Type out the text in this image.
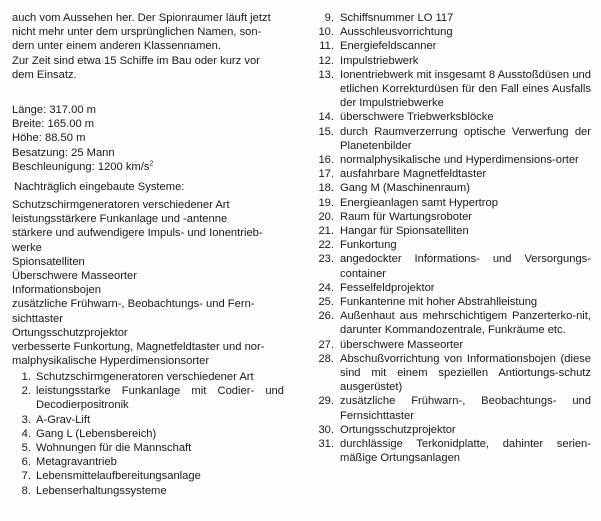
auch vom Aussehen her. Der Spionraumer läuft jetzt
nicht mehr unter dem ursprünglichen Namen, son-
dern unter einem anderen Klassennamen.
Zur Zeit sind etwa 15 Schiffe im Bau oder kurz vor
dem Einsatz.
Länge: 317.00 m
Breite: 165.00 m
Höhe: 88.50 m
Besatzung: 25 Mann
Beschleunigung: 1200 $km/s^2$
Nachträglich eingebaute Systeme:
Schutzschirmgeneratoren verschiedener Art
leistungsstärkere Funkanlage und -antenne
stärkere und aufwendigere Impuls- und Ionentrieb-
werke
Spionsatelliten
Überschwere Masseorter
Informationsbojen
zusätzliche Frühwarn-, Beobachtungs- und Fern-
sichttaster
Ortungsschutzprojektor
verbesserte Funkortung, Magnetfeldtaster und nor-
malphysikalische Hyperdimensionsorter
1. Schutzschirmgeneratoren verschiedener Art
2. leistungsstarke Funkanlage mit Codier- und Decodierpositronik
3. A-Grav-Lift
4. Gang L (Lebensbereich)
5. Wohnungen für die Mannschaft
6. Metagravantrieb
7. Lebensmittelaufbereitungsanlage
8. Lebenserhaltungssysteme
9. Schiffsnummer LO 117
10. Ausschleusvorrichtung
11. Energiefeldscanner
12. Impulstriebwerk
13. Ionentriebwerk mit insgesamt 8 Ausstoßdüsen und etlichen Korrekturdüsen für den Fall eines Ausfalls der Impulstriebwerke
14. überschwere Triebwerksblöcke
15. durch Raumverzerrung optische Verwerfung der Planetenbilder
16. normalphysikalische und Hyperdimensions-orter
17. ausfahrbare Magnetfeldtaster
18. Gang M (Maschinenraum)
19. Energieanlagen samt Hypertrop
20. Raum für Wartungsroboter
21. Hangar für Spionsatelliten
22. Funkortung
23. angedockter Informations- und Versorgungs-container
24. Fesselfeldprojektor
25. Funkantenne mit hoher Abstrahlleistung
26. Außenhaut aus mehrschichtigem Panzerterko-nit, darunter Kommandozentrale, Funkräume etc.
27. überschwere Masseorter
28. Abschußvorrichtung von Informationsbojen (diese sind mit einem speziellen Antiortungs-schutz ausgerüstet)
29. zusätzliche Frühwarn-, Beobachtungs- und Fernsichttaster
30. Ortungsschutzprojektor
31. durchlässige Terkonidplatte, dahinter serien-mäßige Ortungsanlagen
